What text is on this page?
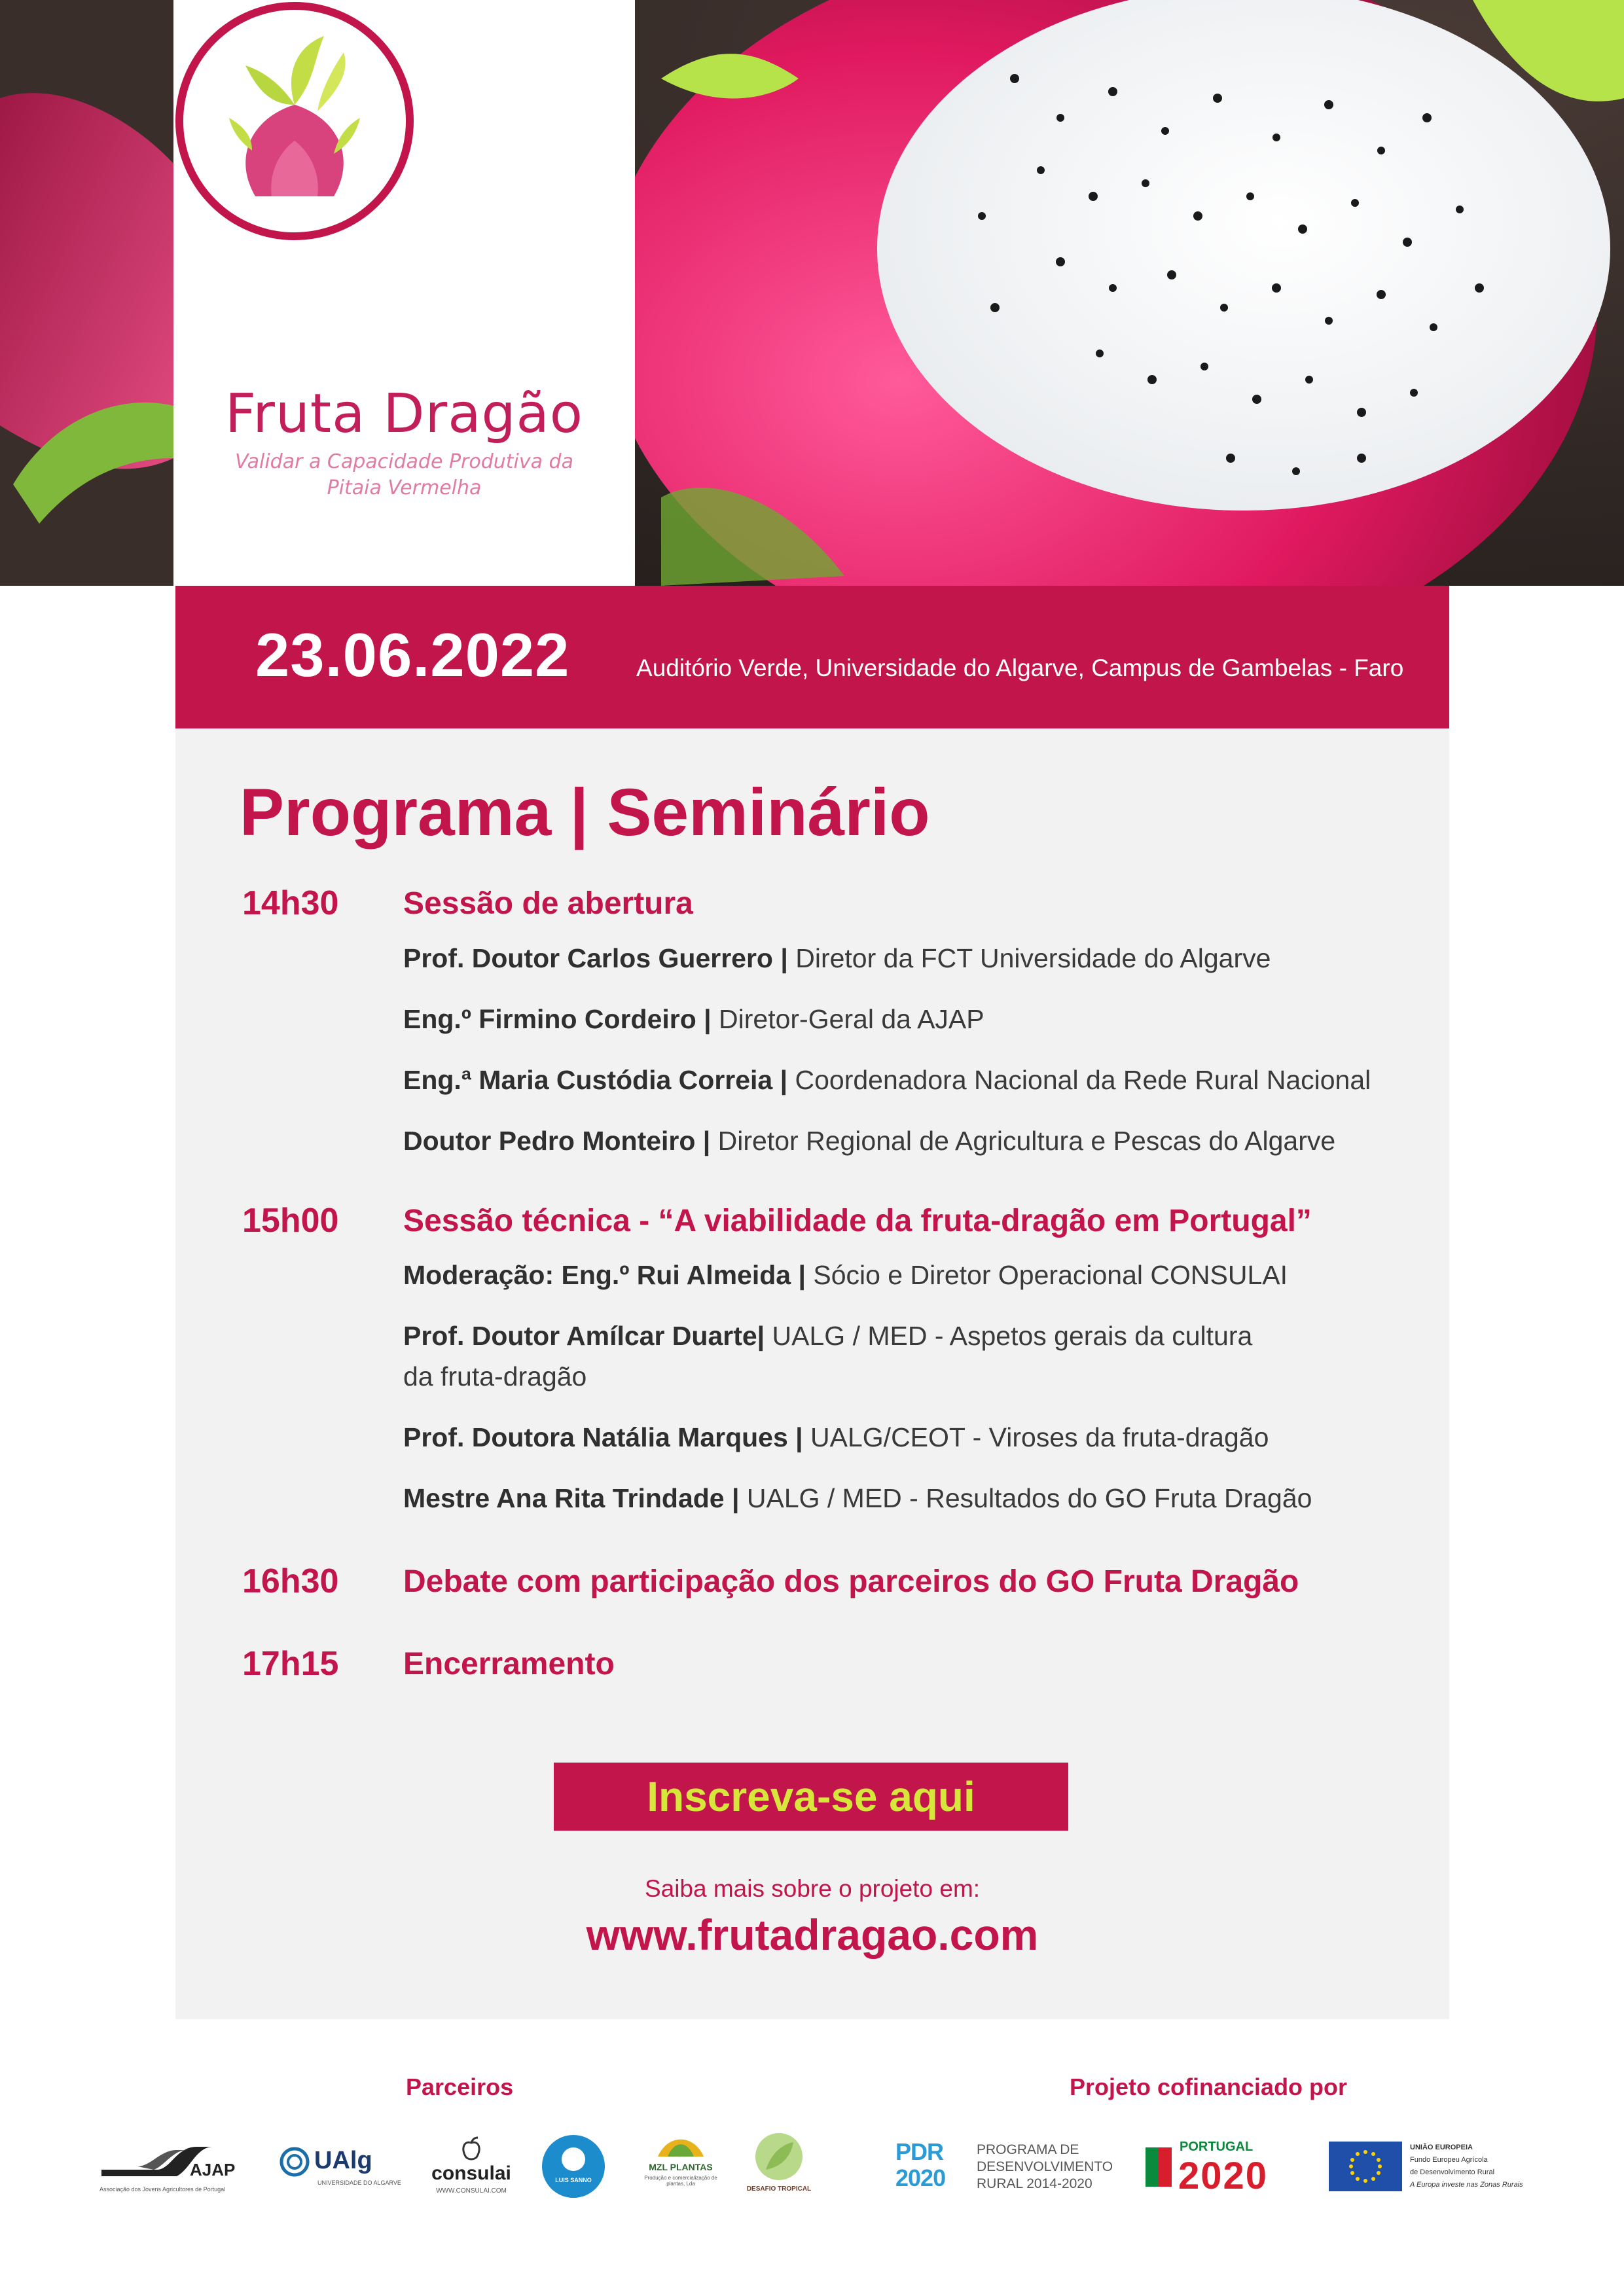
Fruta Dragão
Validar a Capacidade Produtiva da
Pitaia Vermelha
23.06.2022	Auditório Verde, Universidade do Algarve, Campus de Gambelas - Faro
Programa | Seminário
14h30 Sessão de abertura
Prof. Doutor Carlos Guerrero | Diretor da FCT Universidade do Algarve
Eng.º Firmino Cordeiro | Diretor-Geral da AJAP
Eng.ª Maria Custódia Correia | Coordenadora Nacional da Rede Rural Nacional
Doutor Pedro Monteiro | Diretor Regional de Agricultura e Pescas do Algarve
15h00 Sessão técnica - “A viabilidade da fruta-dragão em Portugal”
Moderação: Eng.º Rui Almeida | Sócio e Diretor Operacional CONSULAI
Prof. Doutor Amílcar Duarte| UALG / MED - Aspetos gerais da cultura
da fruta-dragão
Prof. Doutora Natália Marques | UALG/CEOT - Viroses da fruta-dragão
Mestre Ana Rita Trindade | UALG / MED - Resultados do GO Fruta Dragão
16h30 Debate com participação dos parceiros do GO Fruta Dragão
17h15 Encerramento
Inscreva-se aqui
Saiba mais sobre o projeto em:
www.frutadragao.com
Parceiros	Projeto cofinanciado por
AJAP
Associação dos Jovens Agricultores de Portugal
UAlg
UNIVERSIDADE DO ALGARVE consulai
WWW.CONSULAI.COM
LUIS SANNO
MZL PLANTAS
Produção e comercialização de plantas, Lda
DESAFIO TROPICAL
PDR 2020
PROGRAMA DE
DESENVOLVIMENTO
RURAL 2014-2020
PORTUGAL
2020
UNIÃO EUROPEIA
Fundo Europeu Agrícola
de Desenvolvimento Rural
A Europa investe nas Zonas Rurais
